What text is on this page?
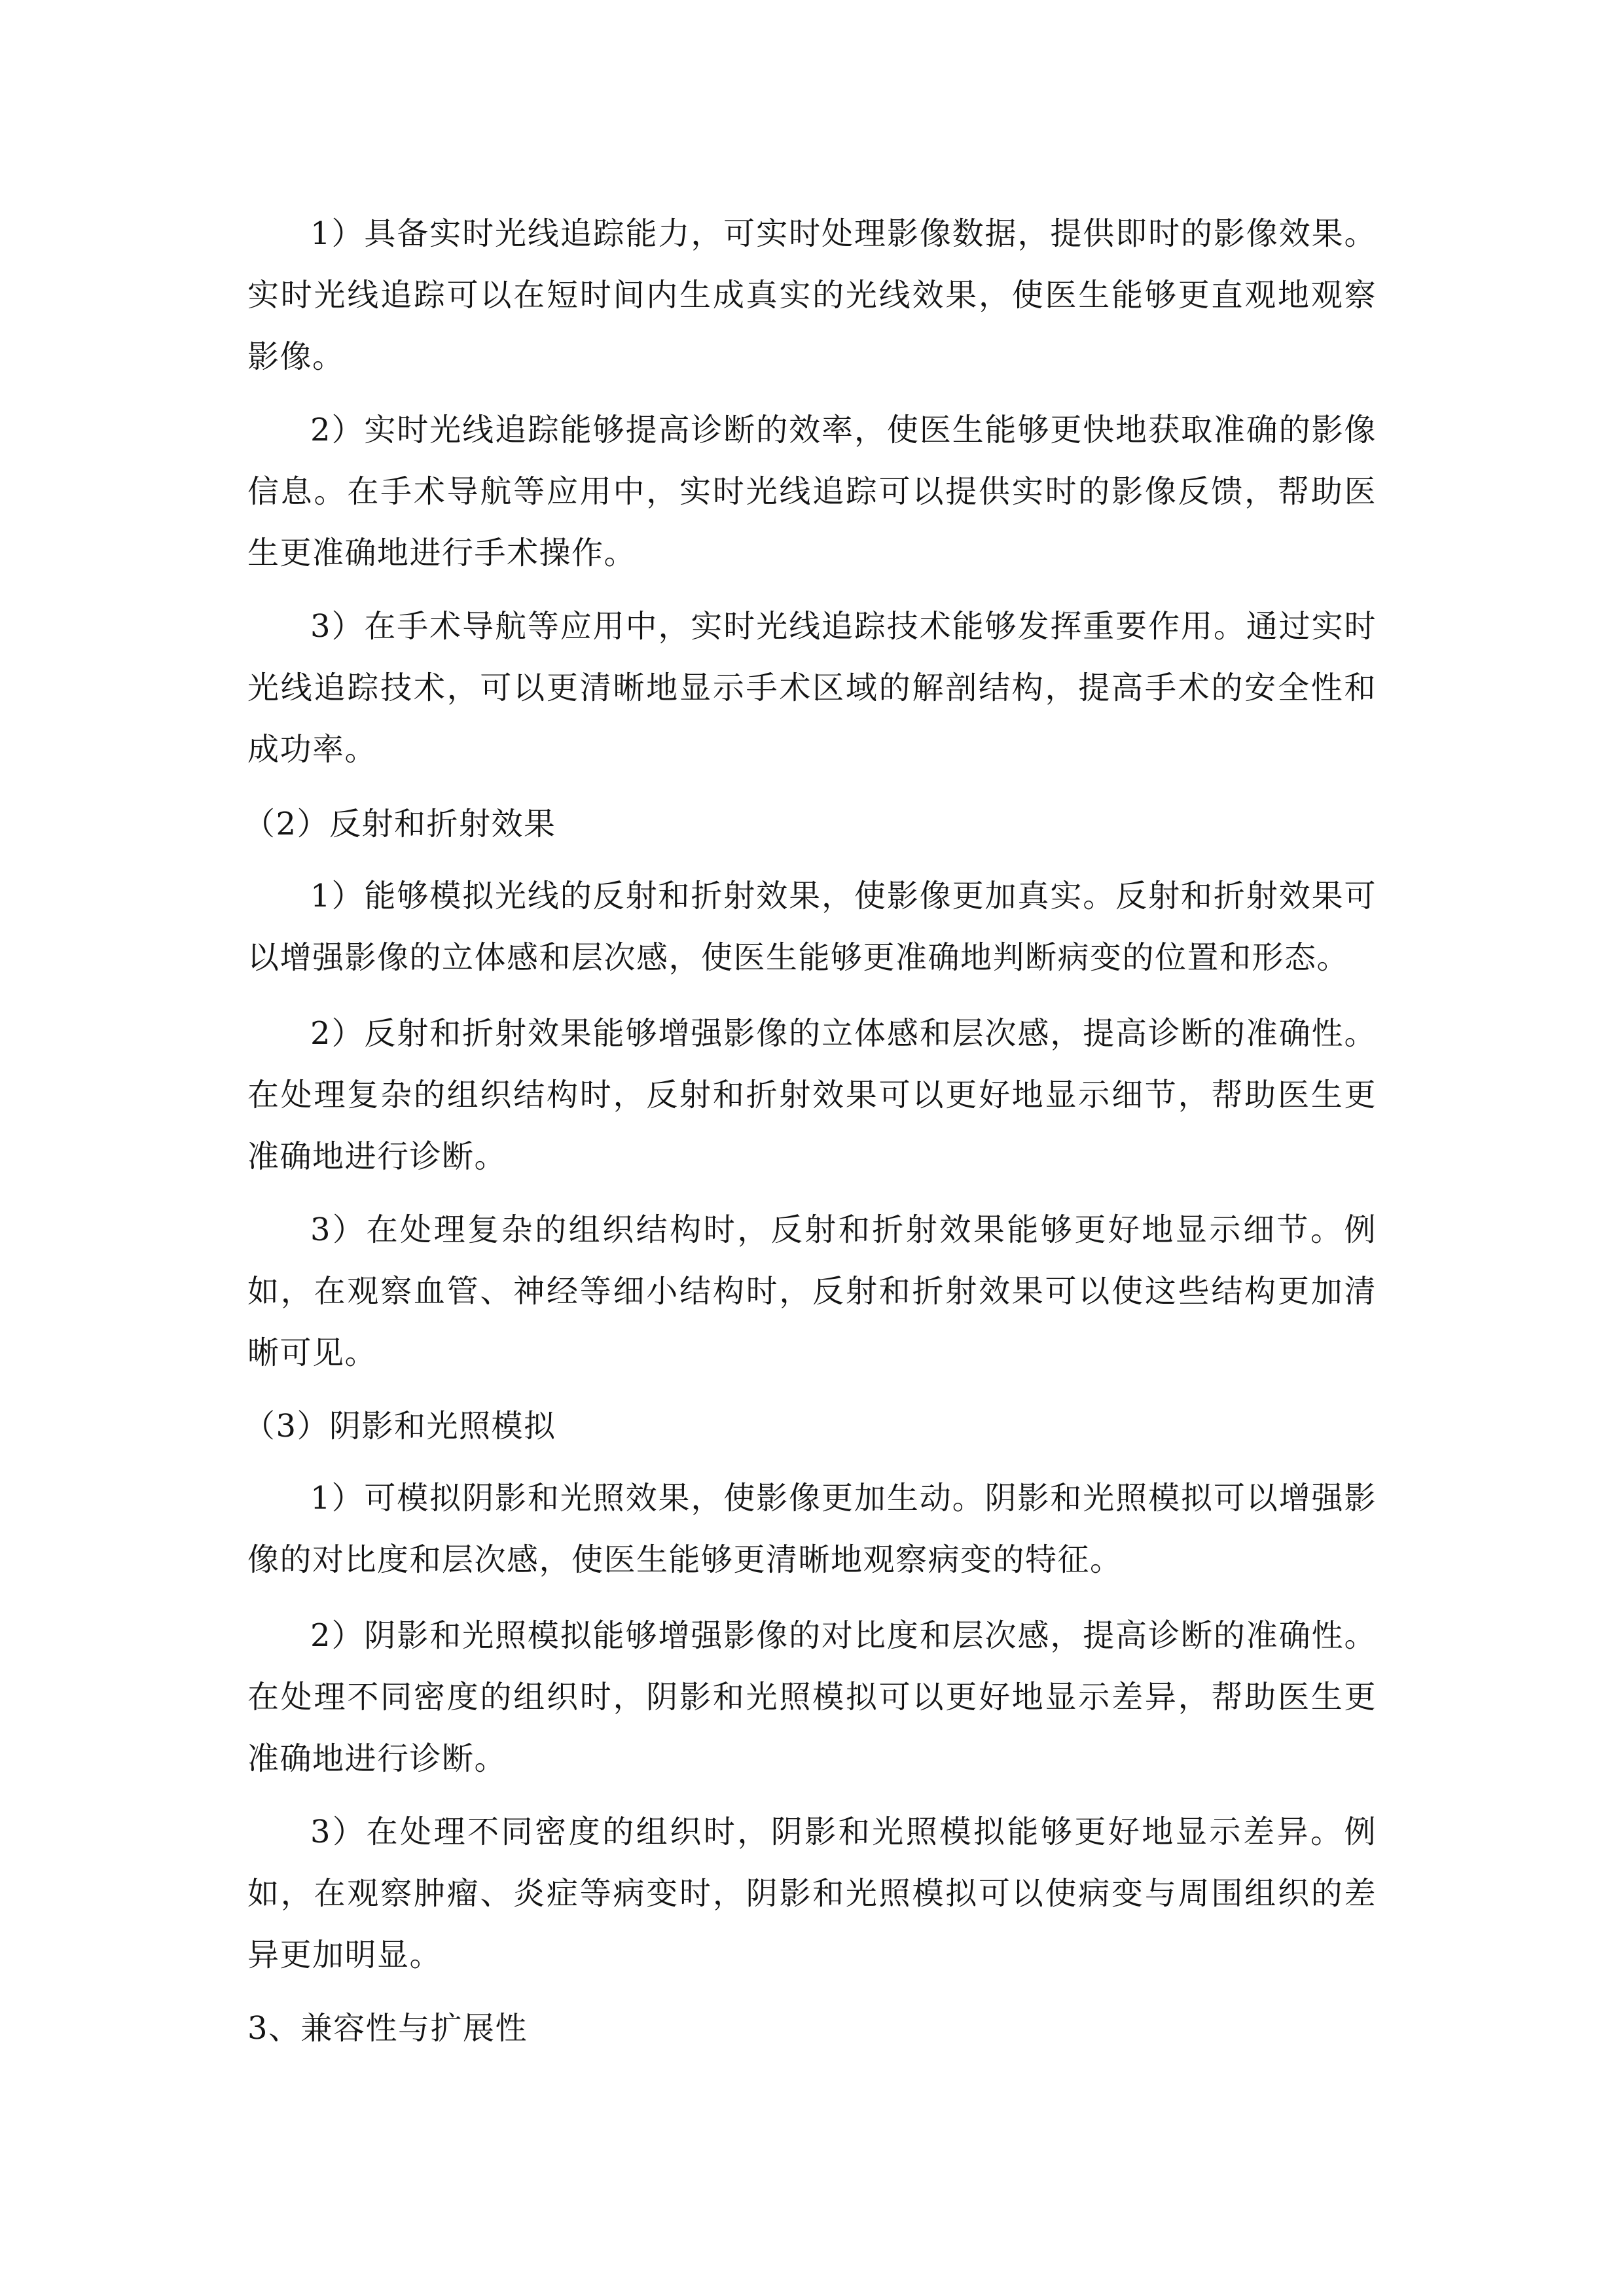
1）具备实时光线追踪能力，可实时处理影像数据，提供即时的影像效果。实时光线追踪可以在短时间内生成真实的光线效果，使医生能够更直观地观察影像。

2）实时光线追踪能够提高诊断的效率，使医生能够更快地获取准确的影像信息。在手术导航等应用中，实时光线追踪可以提供实时的影像反馈，帮助医生更准确地进行手术操作。

3）在手术导航等应用中，实时光线追踪技术能够发挥重要作用。通过实时光线追踪技术，可以更清晰地显示手术区域的解剖结构，提高手术的安全性和成功率。

（2）反射和折射效果

1）能够模拟光线的反射和折射效果，使影像更加真实。反射和折射效果可以增强影像的立体感和层次感，使医生能够更准确地判断病变的位置和形态。

2）反射和折射效果能够增强影像的立体感和层次感，提高诊断的准确性。在处理复杂的组织结构时，反射和折射效果可以更好地显示细节，帮助医生更准确地进行诊断。

3）在处理复杂的组织结构时，反射和折射效果能够更好地显示细节。例如，在观察血管、神经等细小结构时，反射和折射效果可以使这些结构更加清晰可见。

（3）阴影和光照模拟

1）可模拟阴影和光照效果，使影像更加生动。阴影和光照模拟可以增强影像的对比度和层次感，使医生能够更清晰地观察病变的特征。

2）阴影和光照模拟能够增强影像的对比度和层次感，提高诊断的准确性。在处理不同密度的组织时，阴影和光照模拟可以更好地显示差异，帮助医生更准确地进行诊断。

3）在处理不同密度的组织时，阴影和光照模拟能够更好地显示差异。例如，在观察肿瘤、炎症等病变时，阴影和光照模拟可以使病变与周围组织的差异更加明显。

3、兼容性与扩展性
